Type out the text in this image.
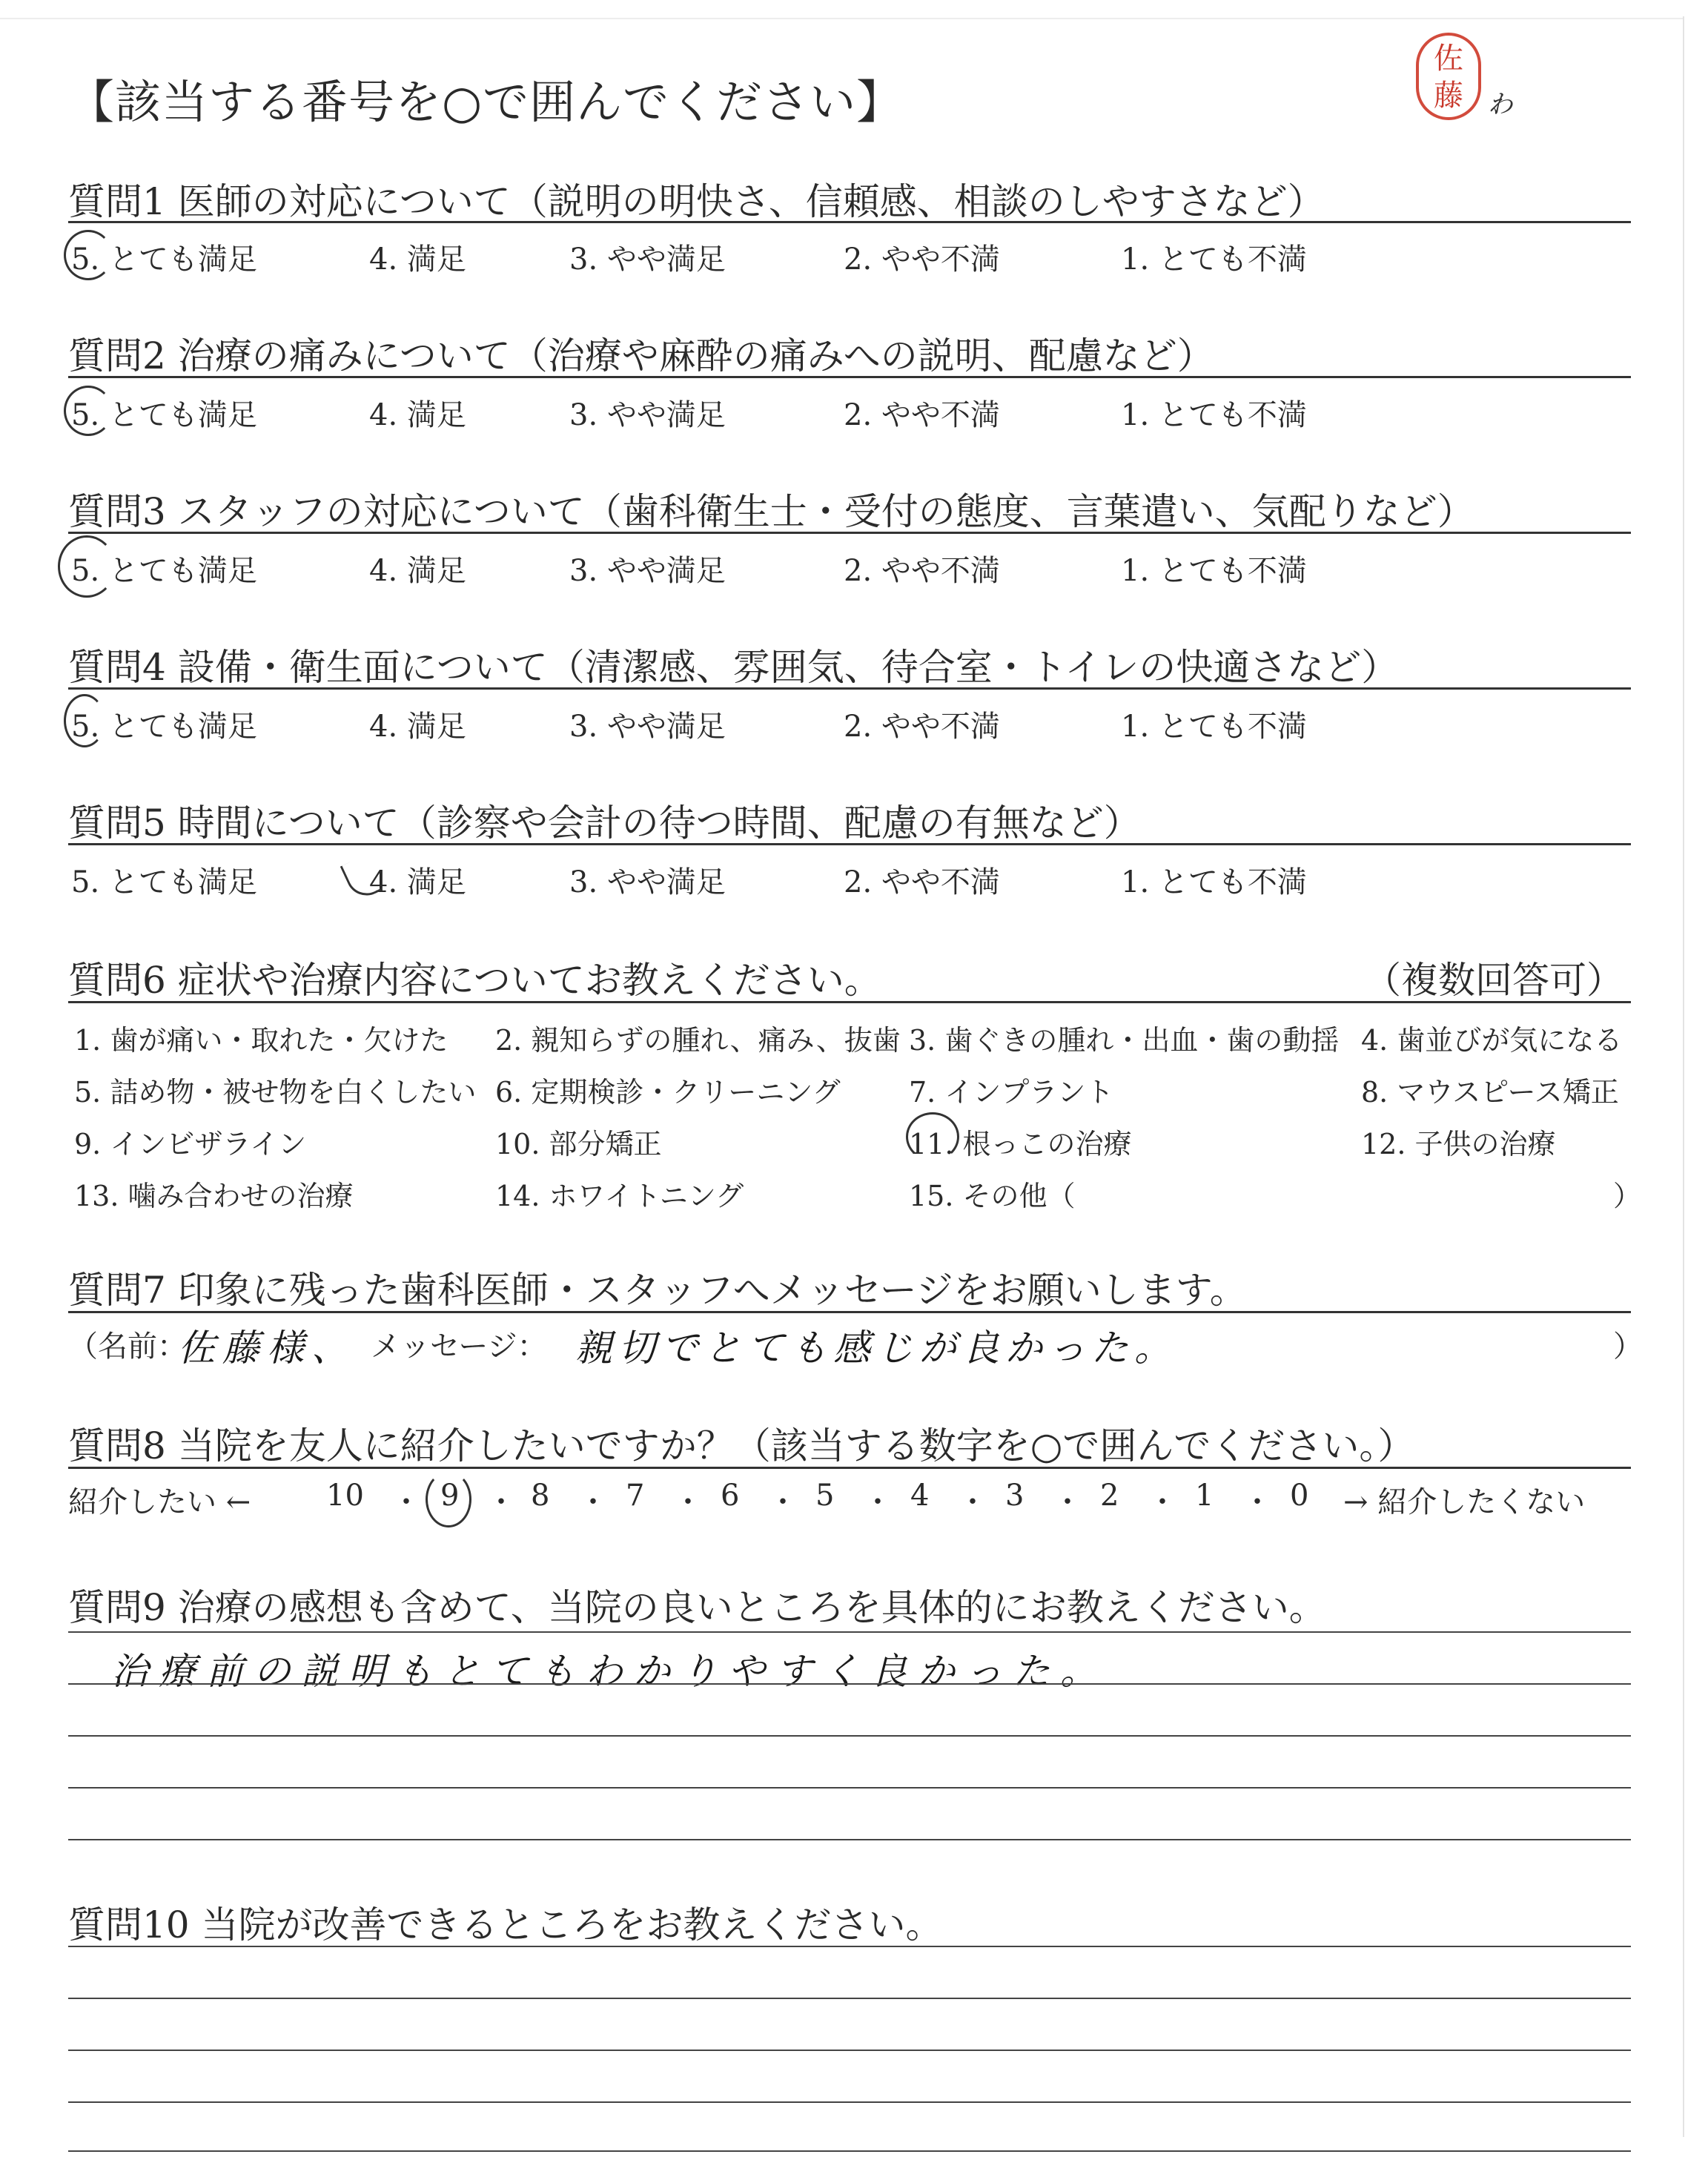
【該当する番号を○で囲んでください】
佐
藤 ゎ
質問1 医師の対応について（説明の明快さ、信頼感、相談のしやすさなど）
5. とても満足	4. 満足	3. やや満足	2. やや不満	1. とても不満
質問2 治療の痛みについて（治療や麻酔の痛みへの説明、配慮など）
5. とても満足	4. 満足	3. やや満足	2. やや不満	1. とても不満
質問3 スタッフの対応について（歯科衛生士・受付の態度、言葉遣い、気配りなど）
5. とても満足	4. 満足	3. やや満足	2. やや不満	1. とても不満
質問4 設備・衛生面について（清潔感、雰囲気、待合室・トイレの快適さなど）
5. とても満足	4. 満足	3. やや満足	2. やや不満	1. とても不満
質問5 時間について（診察や会計の待つ時間、配慮の有無など）
5. とても満足	4. 満足	3. やや満足	2. やや不満	1. とても不満
質問6 症状や治療内容についてお教えください。	（複数回答可）
1. 歯が痛い・取れた・欠けた 2. 親知らずの腫れ、痛み、抜歯 3. 歯ぐきの腫れ・出血・歯の動揺 4. 歯並びが気になる
5. 詰め物・被せ物を白くしたい 6. 定期検診・クリーニング 7. インプラント	8. マウスピース矯正
9. インビザライン	10. 部分矯正	11. 根っこの治療	12. 子供の治療
13. 噛み合わせの治療	14. ホワイトニング	15. その他（	）
質問7 印象に残った歯科医師・スタッフへメッセージをお願いします。
（名前：
佐藤様、 メッセージ： 親切でとても感じが良かった。	）
質問8 当院を友人に紹介したいですか？（該当する数字を○で囲んでください。）
紹介したい ←	10 ・ 9 ・ 8 ・ 7 ・ 6 ・ 5 ・ 4 ・ 3 ・ 2 ・ 1 ・ 0 → 紹介したくない
質問9 治療の感想も含めて、当院の良いところを具体的にお教えください。
治療前の説明もとてもわかりやすく良かった。
質問10 当院が改善できるところをお教えください。
